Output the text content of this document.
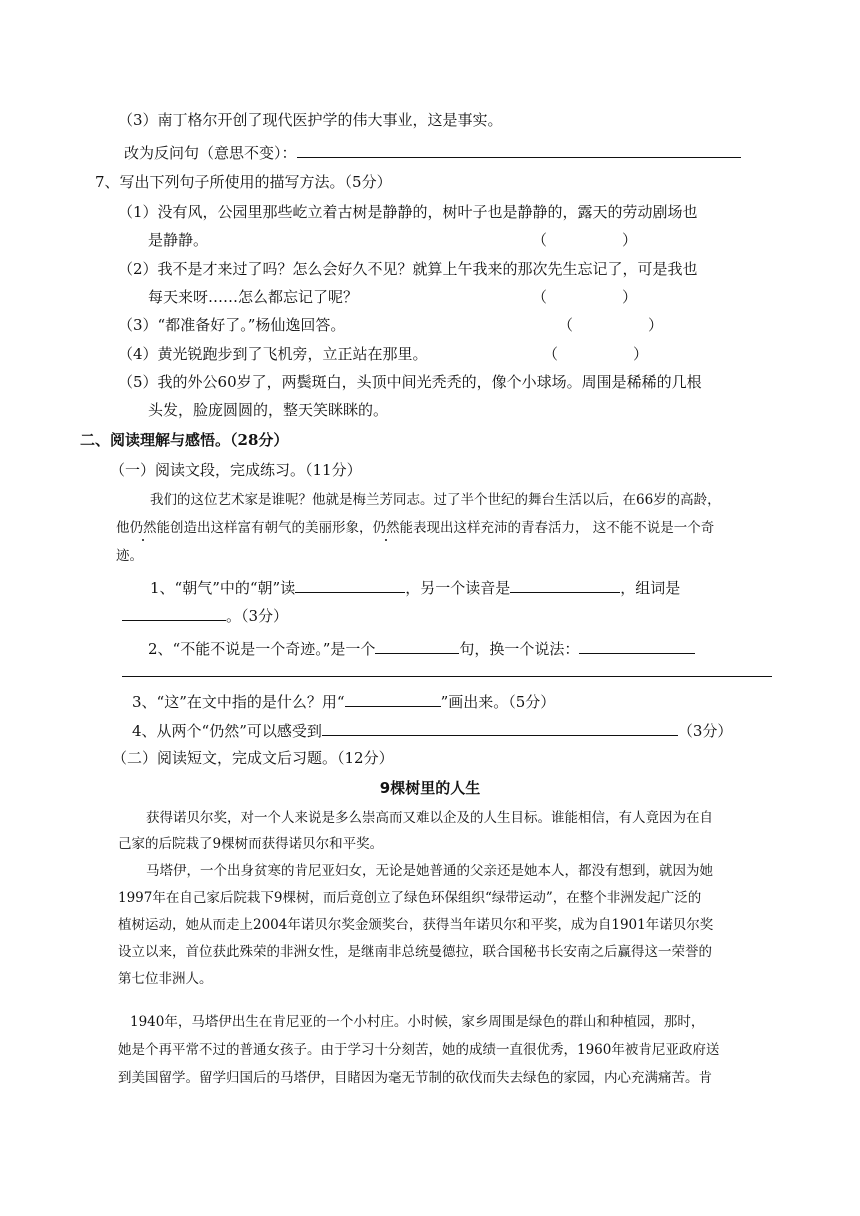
（3）南丁格尔开创了现代医护学的伟大事业，这是事实。
改为反问句（意思不变）：
7、写出下列句子所使用的描写方法。（5分）
（1）没有风，公园里那些屹立着古树是静静的，树叶子也是静静的，露天的劳动剧场也
是静静。	（　　　　　）
（2）我不是才来过了吗？怎么会好久不见？就算上午我来的那次先生忘记了，可是我也
每天来呀……怎么都忘记了呢？	（　　　　　）
（3）“都准备好了。”杨仙逸回答。	（　　　　　）
（4）黄光锐跑步到了飞机旁，立正站在那里。	（　　　　　）
（5）我的外公60岁了，两鬓斑白，头顶中间光秃秃的，像个小球场。周围是稀稀的几根
头发，脸庞圆圆的，整天笑眯眯的。
二、阅读理解与感悟。（28分）
（一）阅读文段，完成练习。（11分）
我们的这位艺术家是谁呢？他就是梅兰芳同志。过了半个世纪的舞台生活以后，在66岁的高龄，
他仍然能创造出这样富有朝气的美丽形象，仍然能表现出这样充沛的青春活力， 这不能不说是一个奇
迹。
1、“朝气”中的“朝”读	，另一个读音是	，组词是
。（3分）
2、“不能不说是一个奇迹。”是一个	句，换一个说法：
3、“这”在文中指的是什么？用“	”画出来。（5分）
4、从两个“仍然”可以感受到	（3分）
（二）阅读短文，完成文后习题。（12分）
9棵树里的人生
获得诺贝尔奖，对一个人来说是多么崇高而又难以企及的人生目标。谁能相信，有人竟因为在自
己家的后院栽了9棵树而获得诺贝尔和平奖。
马塔伊，一个出身贫寒的肯尼亚妇女，无论是她普通的父亲还是她本人，都没有想到，就因为她
1997年在自己家后院栽下9棵树，而后竟创立了绿色环保组织“绿带运动”，在整个非洲发起广泛的
植树运动，她从而走上2004年诺贝尔奖金颁奖台，获得当年诺贝尔和平奖，成为自1901年诺贝尔奖
设立以来，首位获此殊荣的非洲女性，是继南非总统曼德拉，联合国秘书长安南之后赢得这一荣誉的
第七位非洲人。
1940年，马塔伊出生在肯尼亚的一个小村庄。小时候，家乡周围是绿色的群山和种植园，那时，
她是个再平常不过的普通女孩子。由于学习十分刻苦，她的成绩一直很优秀，1960年被肯尼亚政府送
到美国留学。留学归国后的马塔伊，目睹因为毫无节制的砍伐而失去绿色的家园，内心充满痛苦。肯
